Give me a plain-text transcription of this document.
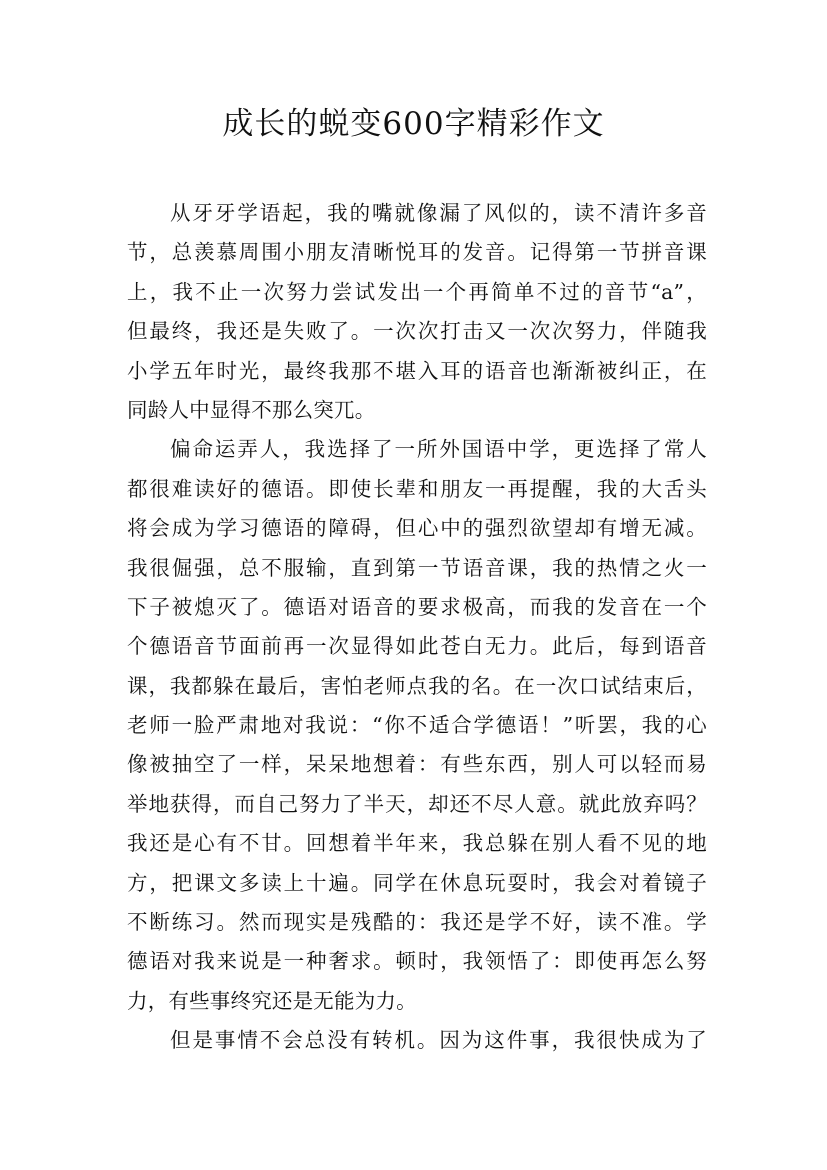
成长的蜕变600字精彩作文
从牙牙学语起，我的嘴就像漏了风似的，读不清许多音
节，总羡慕周围小朋友清晰悦耳的发音。记得第一节拼音课
上，我不止一次努力尝试发出一个再简单不过的音节“a”，
但最终，我还是失败了。一次次打击又一次次努力，伴随我
小学五年时光，最终我那不堪入耳的语音也渐渐被纠正，在
同龄人中显得不那么突兀。
偏命运弄人，我选择了一所外国语中学，更选择了常人
都很难读好的德语。即使长辈和朋友一再提醒，我的大舌头
将会成为学习德语的障碍，但心中的强烈欲望却有增无减。
我很倔强，总不服输，直到第一节语音课，我的热情之火一
下子被熄灭了。德语对语音的要求极高，而我的发音在一个
个德语音节面前再一次显得如此苍白无力。此后，每到语音
课，我都躲在最后，害怕老师点我的名。在一次口试结束后，
老师一脸严肃地对我说：“你不适合学德语！”听罢，我的心
像被抽空了一样，呆呆地想着：有些东西，别人可以轻而易
举地获得，而自己努力了半天，却还不尽人意。就此放弃吗？
我还是心有不甘。回想着半年来，我总躲在别人看不见的地
方，把课文多读上十遍。同学在休息玩耍时，我会对着镜子
不断练习。然而现实是残酷的：我还是学不好，读不准。学
德语对我来说是一种奢求。顿时，我领悟了：即使再怎么努
力，有些事终究还是无能为力。
但是事情不会总没有转机。因为这件事，我很快成为了
